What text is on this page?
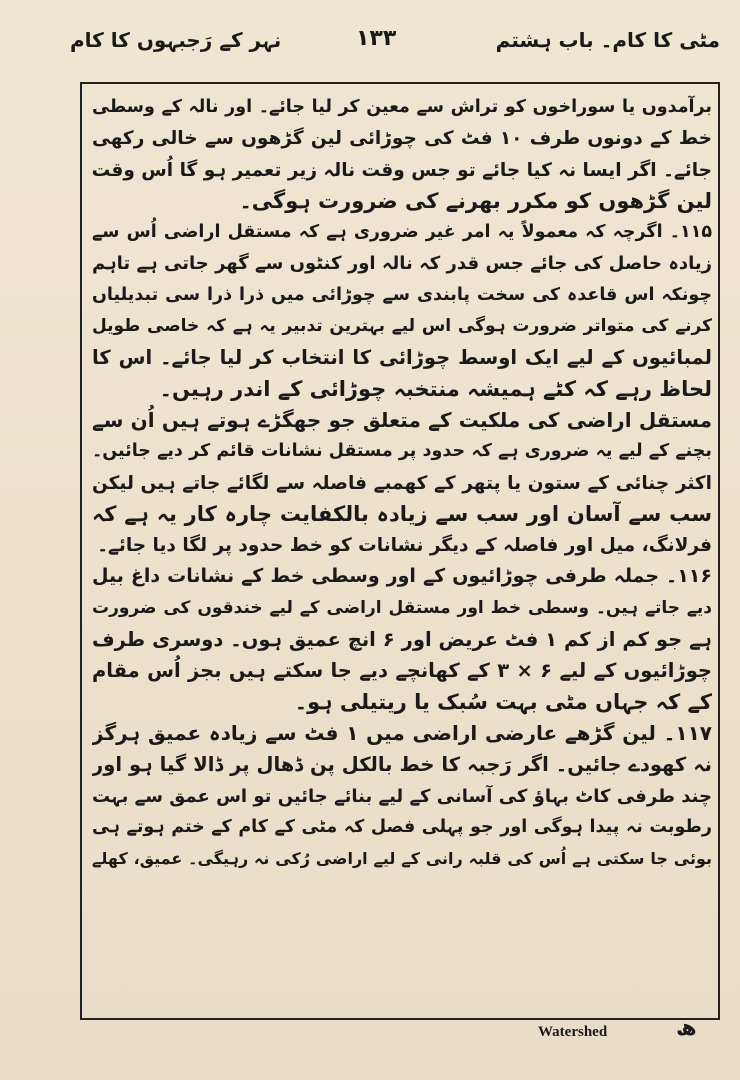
نہر کے رَجبہوں کا کام	۱۳۳	مٹی کا کام۔ باب ہشتم
برآمدوں یا سوراخوں کو تراش سے معین کر لیا جائے۔ اور نالہ کے وسطی
خط کے دونوں طرف ۱۰ فٹ کی چوڑائی لین گڑھوں سے خالی رکھی
جائے۔ اگر ایسا نہ کیا جائے تو جس وقت نالہ زیر تعمیر ہو گا اُس وقت
لین گڑھوں کو مکرر بھرنے کی ضرورت ہوگی۔
۱۱۵۔ اگرچہ کہ معمولاً یہ امر غیر ضروری ہے کہ مستقل اراضی اُس سے
زیادہ حاصل کی جائے جس قدر کہ نالہ اور کنٹوں سے گھر جاتی ہے تاہم
چونکہ اس قاعدہ کی سخت پابندی سے چوڑائی میں ذرا ذرا سی تبدیلیاں
کرنے کی متواتر ضرورت ہوگی اس لیے بہترین تدبیر یہ ہے کہ خاصی طویل
لمبائیوں کے لیے ایک اوسط چوڑائی کا انتخاب کر لیا جائے۔ اس کا
لحاظ رہے کہ کٹے ہمیشہ منتخبہ چوڑائی کے اندر رہیں۔
مستقل اراضی کی ملکیت کے متعلق جو جھگڑے ہوتے ہیں اُن سے
بچنے کے لیے یہ ضروری ہے کہ حدود پر مستقل نشانات قائم کر دیے جائیں۔
اکثر چنائی کے ستون یا پتھر کے کھمبے فاصلہ سے لگائے جاتے ہیں لیکن
سب سے آسان اور سب سے زیادہ بالکفایت چارہ کار یہ ہے کہ
فرلانگ، میل اور فاصلہ کے دیگر نشانات کو خط حدود پر لگا دیا جائے۔
۱۱۶۔ جملہ طرفی چوڑائیوں کے اور وسطی خط کے نشانات داغ بیل
دیے جاتے ہیں۔ وسطی خط اور مستقل اراضی کے لیے خندقوں کی ضرورت
ہے جو کم از کم ۱ فٹ عریض اور ۶ انچ عمیق ہوں۔ دوسری طرف
چوڑائیوں کے لیے ۶ × ۳ کے کھانچے دیے جا سکتے ہیں بجز اُس مقام
کے کہ جہاں مٹی بہت سُبک یا ریتیلی ہو۔
۱۱۷۔ لین گڑھے عارضی اراضی میں ۱ فٹ سے زیادہ عمیق ہرگز
نہ کھودے جائیں۔ اگر رَجبہ کا خط بالکل پن ڈھال پر ڈالا گیا ہو اور
چند طرفی کاٹ بہاؤ کی آسانی کے لیے بنائے جائیں تو اس عمق سے بہت
رطوبت نہ پیدا ہوگی اور جو پہلی فصل کہ مٹی کے کام کے ختم ہوتے ہی
بوئی جا سکتی ہے اُس کی قلبہ رانی کے لیے اراضی رُکی نہ رہیگی۔ عمیق، کھلے
Watershed	ھ
